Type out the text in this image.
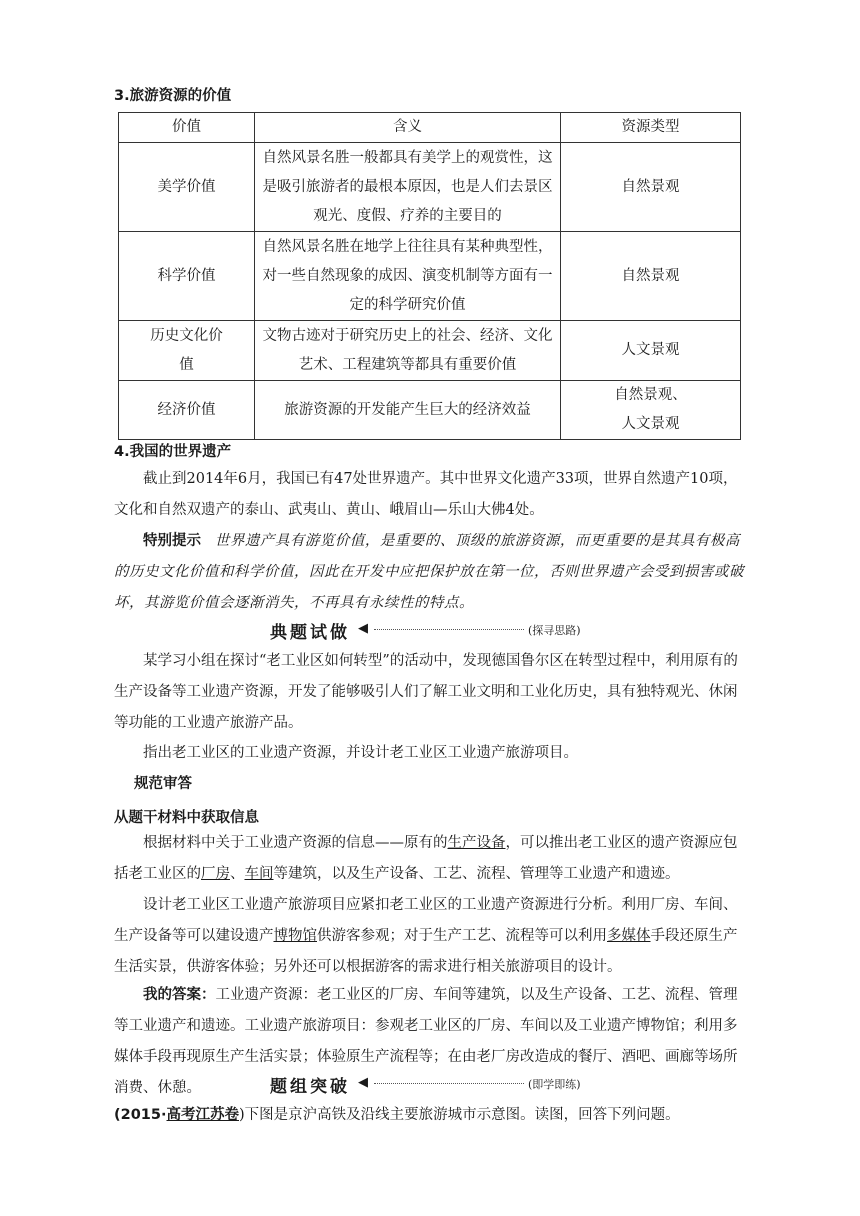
3.旅游资源的价值
价值	含义	资源类型
美学价值	自然风景名胜一般都具有美学上的观赏性，这是吸引旅游者的最根本原因，也是人们去景区观光、度假、疗养的主要目的	自然景观
科学价值	自然风景名胜在地学上往往具有某种典型性，对一些自然现象的成因、演变机制等方面有一定的科学研究价值	自然景观
历史文化价值	文物古迹对于研究历史上的社会、经济、文化艺术、工程建筑等都具有重要价值	人文景观
经济价值	旅游资源的开发能产生巨大的经济效益	自然景观、人文景观
4.我国的世界遗产
截止到2014年6月，我国已有47处世界遗产。其中世界文化遗产33项，世界自然遗产10项，文化和自然双遗产的泰山、武夷山、黄山、峨眉山—乐山大佛4处。
特别提示 世界遗产具有游览价值，是重要的、顶级的旅游资源，而更重要的是其具有极高的历史文化价值和科学价值，因此在开发中应把保护放在第一位，否则世界遗产会受到损害或破坏，其游览价值会逐渐消失，不再具有永续性的特点。
典题试做 ◀	(探寻思路)
某学习小组在探讨“老工业区如何转型”的活动中，发现德国鲁尔区在转型过程中，利用原有的生产设备等工业遗产资源，开发了能够吸引人们了解工业文明和工业化历史，具有独特观光、休闲等功能的工业遗产旅游产品。
指出老工业区的工业遗产资源，并设计老工业区工业遗产旅游项目。
规范审答
从题干材料中获取信息
根据材料中关于工业遗产资源的信息——原有的生产设备，可以推出老工业区的遗产资源应包括老工业区的厂房、车间等建筑，以及生产设备、工艺、流程、管理等工业遗产和遗迹。
设计老工业区工业遗产旅游项目应紧扣老工业区的工业遗产资源进行分析。利用厂房、车间、生产设备等可以建设遗产博物馆供游客参观；对于生产工艺、流程等可以利用多媒体手段还原生产生活实景，供游客体验；另外还可以根据游客的需求进行相关旅游项目的设计。
我的答案：工业遗产资源：老工业区的厂房、车间等建筑，以及生产设备、工艺、流程、管理等工业遗产和遗迹。工业遗产旅游项目：参观老工业区的厂房、车间以及工业遗产博物馆；利用多媒体手段再现原生产生活实景；体验原生产流程等；在由老厂房改造成的餐厅、酒吧、画廊等场所消费、休憩。	题组突破 ◀	(即学即练)
(2015·高考江苏卷)下图是京沪高铁及沿线主要旅游城市示意图。读图，回答下列问题。
